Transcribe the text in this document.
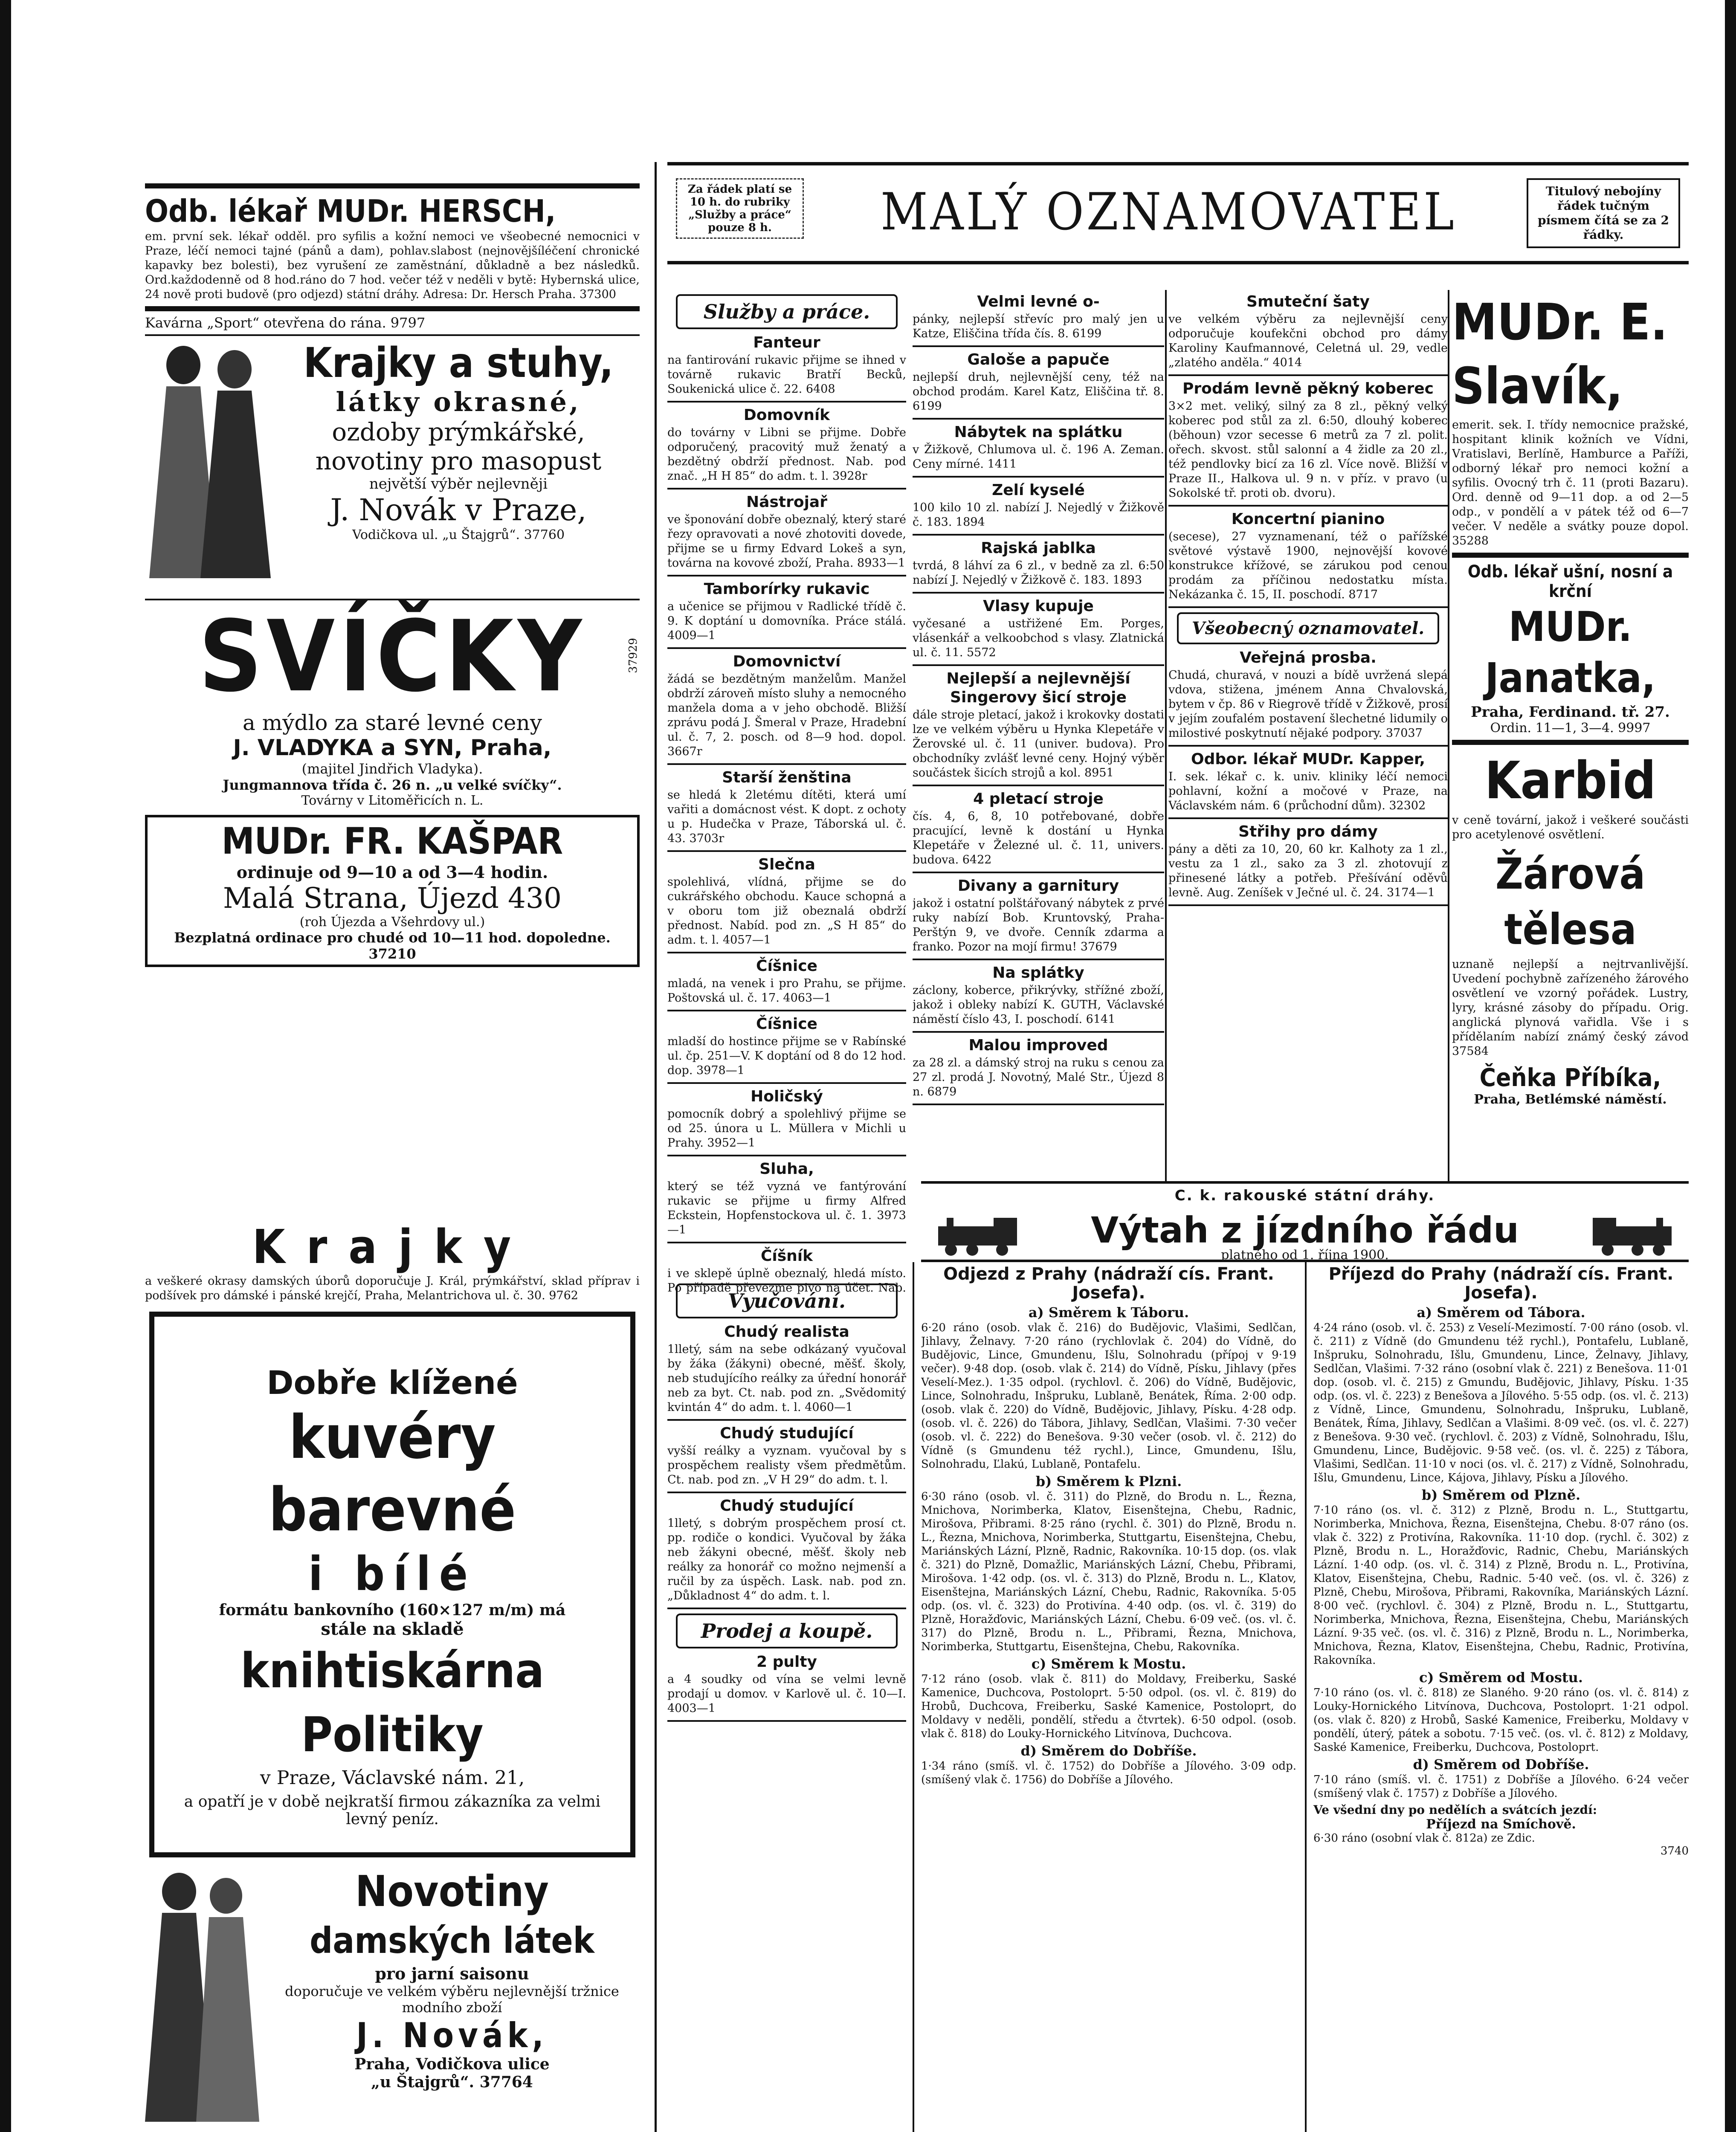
Za řádek platí se 10 h. do rubriky „Služby a práce“ pouze 8 h.	MALÝ OZNAMOVATEL	Titulový nebojíny řádek tučným písmem čítá se za 2 řádky.
Odb. lékař MUDr. HERSCH,

em. první sek. lékař odděl. pro syfilis a kožní nemoci ve všeobecné nemocnici v Praze, léčí nemoci tajné (pánů a dam), pohlav.slabost (nejnovějšíléčení chronické kapavky bez bolesti), bez vyrušení ze zaměstnání, důkladně a bez následků. Ord.každodenně od 8 hod.ráno do 7 hod. večer též v neděli v bytě: Hybernská ulice, 24 nově proti budově (pro odjezd) státní dráhy. Adresa: Dr. Hersch Praha. 37300

Kavárna „Sport“ otevřena do rána. 9797

Krajky a stuhy,
látky okrasné,
ozdoby prýmkářské,
novotiny pro masopust
největší výběr nejlevněji
J. Novák v Praze,
Vodičkova ul. „u Štajgrů“. 37760
SVÍČKY	37929
a mýdlo za staré levné ceny
J. VLADYKA a SYN, Praha,
(majitel Jindřich Vladyka).
Jungmannova třída č. 26 n. „u velké svíčky“.
Továrny v Litoměřicích n. L.
MUDr. FR. KAŠPAR
ordinuje od 9—10 a od 3—4 hodin.
Malá Strana, Újezd 430
(roh Újezda a Všehrdovy ul.)
Bezplatná ordinace pro chudé od 10—11 hod. dopoledne. 37210
Krajky

a veškeré okrasy damských úborů doporučuje J. Král, prýmkářství, sklad příprav i podšívek pro dámské i pánské krejčí, Praha, Melantrichova ul. č. 30. 9762

Dobře klížené
kuvéry barevné
i bílé
formátu bankovního (160×127 m/m) má
stále na skladě
knihtiskárna Politiky
v Praze, Václavské nám. 21,
a opatří je v době nejkratší firmou zákazníka za velmi levný peníz.
Novotiny
damských látek
pro jarní saisonu
doporučuje ve velkém výběru nejlevnější tržnice modního zboží
J. Novák,
Praha, Vodičkova ulice
„u Štajgrů“. 37764
Služby a práce.
Fanteur

na fantirování rukavic přijme se ihned v továrně rukavic Bratří Becků, Soukenická ulice č. 22. 6408

Domovník

do továrny v Libni se přijme. Dobře odporučený, pracovitý muž ženatý a bezdětný obdrží přednost. Nab. pod znač. „H H 85“ do adm. t. l. 3928r

Nástrojař

ve šponování dobře obeznalý, který staré řezy opravovati a nové zhotoviti dovede, přijme se u firmy Edvard Lokeš a syn, továrna na kovové zboží, Praha. 8933—1

Tamborírky rukavic

a učenice se přijmou v Radlické třídě č. 9. K doptání u domovníka. Práce stálá. 4009—1

Domovnictví

žádá se bezdětným manželům. Manžel obdrží zároveň místo sluhy a nemocného manžela doma a v jeho obchodě. Bližší zprávu podá J. Šmeral v Praze, Hradební ul. č. 7, 2. posch. od 8—9 hod. dopol. 3667r

Starší ženština

se hledá k 2letému dítěti, která umí vařiti a domácnost vést. K dopt. z ochoty u p. Hudečka v Praze, Táborská ul. č. 43. 3703r

Slečna

spolehlivá, vlídná, přijme se do cukrářského obchodu. Kauce schopná a v oboru tom již obeznalá obdrží přednost. Nabíd. pod zn. „S H 85“ do adm. t. l. 4057—1

Číšnice

mladá, na venek i pro Prahu, se přijme. Poštovská ul. č. 17. 4063—1

Číšnice

mladší do hostince přijme se v Rabínské ul. čp. 251—V. K doptání od 8 do 12 hod. dop. 3978—1

Holičský

pomocník dobrý a spolehlivý přijme se od 25. února u L. Müllera v Michli u Prahy. 3952—1

Sluha,

který se též vyzná ve fantýrování rukavic se přijme u firmy Alfred Eckstein, Hopfenstockova ul. č. 1. 3973—1

Číšník

i ve sklepě úplně obeznalý, hledá místo. Po případě převezme pivo na účet. Nab.

Vyučování.
Chudý realista

1lletý, sám na sebe odkázaný vyučoval by žáka (žákyni) obecné, měšť. školy, neb studujícího reálky za úřední honorář neb za byt. Ct. nab. pod zn. „Svědomitý kvintán 4“ do adm. t. l. 4060—1

Chudý studující

vyšší reálky a vyznam. vyučoval by s prospěchem realisty všem předmětům. Ct. nab. pod zn. „V H 29“ do adm. t. l.

Chudý studující

1lletý, s dobrým prospěchem prosí ct. pp. rodiče o kondici. Vyučoval by žáka neb žákyni obecné, měšť. školy neb reálky za honorář co možno nejmenší a ručil by za úspěch. Lask. nab. pod zn. „Důkladnost 4“ do adm. t. l.

Prodej a koupě.
2 pulty

a 4 soudky od vína se velmi levně prodají u domov. v Karlově ul. č. 10—I. 4003—1

Velmi levné o-

pánky, nejlepší střevíc pro malý jen u Katze, Eliščina třída čís. 8. 6199

Galoše a papuče

nejlepší druh, nejlevnější ceny, též na obchod prodám. Karel Katz, Eliščina tř. 8. 6199

Nábytek na splátku

v Žižkově, Chlumova ul. č. 196 A. Zeman. Ceny mírné. 1411

Zelí kyselé

100 kilo 10 zl. nabízí J. Nejedlý v Žižkově č. 183. 1894

Rajská jablka

tvrdá, 8 láhví za 6 zl., v bedně za zl. 6:50 nabízí J. Nejedlý v Žižkově č. 183. 1893

Vlasy kupuje

vyčesané a ustřižené Em. Porges, vlásenkář a velkoobchod s vlasy. Zlatnická ul. č. 11. 5572

Nejlepší a nejlevnější Singerovy šicí stroje

dále stroje pletací, jakož i krokovky dostati lze ve velkém výběru u Hynka Klepetáře v Žerovské ul. č. 11 (univer. budova). Pro obchodníky zvlášť levné ceny. Hojný výběr součástek šicích strojů a kol. 8951

4 pletací stroje

čís. 4, 6, 8, 10 potřebované, dobře pracující, levně k dostání u Hynka Klepetáře v Železné ul. č. 11, univers. budova. 6422

Divany a garnitury

jakož i ostatní polštářovaný nábytek z prvé ruky nabízí Bob. Kruntovský, Praha-Perštýn 9, ve dvoře. Cenník zdarma a franko. Pozor na mojí firmu! 37679

Na splátky

záclony, koberce, přikrývky, střížné zboží, jakož i obleky nabízí K. GUTH, Václavské náměstí číslo 43, I. poschodí. 6141

Malou improved

za 28 zl. a dámský stroj na ruku s cenou za 27 zl. prodá J. Novotný, Malé Str., Újezd 8 n. 6879

Smuteční šaty

ve velkém výběru za nejlevnější ceny odporučuje koufekčni obchod pro dámy Karoliny Kaufmannové, Celetná ul. 29, vedle „zlatého anděla.“ 4014

Prodám levně pěkný koberec

3×2 met. veliký, silný za 8 zl., pěkný velký koberec pod stůl za zl. 6:50, dlouhý koberec (běhoun) vzor secesse 6 metrů za 7 zl. polit. ořech. skvost. stůl salonní a 4 židle za 20 zl., též pendlovky bicí za 16 zl. Více nově. Bližší v Praze II., Halkova ul. 9 n. v příz. v pravo (u Sokolské tř. proti ob. dvoru).

Koncertní pianino

(secese), 27 vyznamenaní, též o pařížské světové výstavě 1900, nejnovější kovové konstrukce křížové, se zárukou pod cenou prodám za příčinou nedostatku místa. Nekázanka č. 15, II. poschodí. 8717

Všeobecný oznamovatel.
Veřejná prosba.

Chudá, churavá, v nouzi a bídě uvržená slepá vdova, stižena, jménem Anna Chvalovská, bytem v čp. 86 v Riegrově třídě v Žižkově, prosí v jejím zoufalém postavení šlechetné lidumily o milostivé poskytnutí nějaké podpory. 37037

Odbor. lékař MUDr. Kapper,

I. sek. lékař c. k. univ. kliniky léčí nemoci pohlavní, kožní a močové v Praze, na Václavském nám. 6 (průchodní dům). 32302

Střihy pro dámy

pány a děti za 10, 20, 60 kr. Kalhoty za 1 zl., vestu za 1 zl., sako za 3 zl. zhotovují z přinesené látky a potřeb. Přešívání oděvů levně. Aug. Zeníšek v Ječné ul. č. 24. 3174—1

MUDr. E. Slavík,

emerit. sek. I. třídy nemocnice pražské, hospitant klinik kožních ve Vídni, Vratislavi, Berlíně, Hamburce a Paříži, odborný lékař pro nemoci kožní a syfilis. Ovocný trh č. 11 (proti Bazaru). Ord. denně od 9—11 dop. a od 2—5 odp., v pondělí a v pátek též od 6—7 večer. V neděle a svátky pouze dopol. 35288

Odb. lékař ušní, nosní a krční
MUDr. Janatka,
Praha, Ferdinand. tř. 27.
Ordin. 11—1, 3—4. 9997
Karbid

v ceně tovární, jakož i veškeré součásti pro acetylenové osvětlení.

Žárová tělesa

uznaně nejlepší a nejtrvanlivější. Uvedení pochybně zařízeného žárového osvětlení ve vzorný pořádek. Lustry, lyry, krásné zásoby do případu. Orig. anglická plynová vařidla. Vše i s přídělaním nabízí známý český závod 37584

Čeňka Příbíka,
Praha, Betlémské náměstí.
C. k. rakouské státní dráhy.
Výtah z jízdního řádu
platného od 1. října 1900.
Odjezd z Prahy (nádraží cís. Frant. Josefa).
a) Směrem k Táboru.
6·20 ráno (osob. vlak č. 216) do Budějovic, Vlašimi, Sedlčan, Jihlavy, Želnavy. 7·20 ráno (rychlovlak č. 204) do Vídně, do Budějovic, Lince, Gmundenu, Išlu, Solnohradu (přípoj v 9·19 večer). 9·48 dop. (osob. vlak č. 214) do Vídně, Písku, Jihlavy (přes Veselí-Mez.). 1·35 odpol. (rychlovl. č. 206) do Vídně, Budějovic, Lince, Solnohradu, Inšpruku, Lublaně, Benátek, Říma. 2·00 odp. (osob. vlak č. 220) do Vídně, Budějovic, Jihlavy, Písku. 4·28 odp. (osob. vl. č. 226) do Tábora, Jihlavy, Sedlčan, Vlašimi. 7·30 večer (osob. vl. č. 222) do Benešova. 9·30 večer (osob. vl. č. 212) do Vídně (s Gmundenu též rychl.), Lince, Gmundenu, Išlu, Solnohradu, Ľlakú, Lublaně, Pontafelu.
b) Směrem k Plzni.
6·30 ráno (osob. vl. č. 311) do Plzně, do Brodu n. L., Řezna, Mnichova, Norimberka, Klatov, Eisenštejna, Chebu, Radnic, Mirošova, Přibrami. 8·25 ráno (rychl. č. 301) do Plzně, Brodu n. L., Řezna, Mnichova, Norimberka, Stuttgartu, Eisenštejna, Chebu, Mariánských Lázní, Plzně, Radnic, Rakovníka. 10·15 dop. (os. vlak č. 321) do Plzně, Domažlic, Mariánských Lázní, Chebu, Přibrami, Mirošova. 1·42 odp. (os. vl. č. 313) do Plzně, Brodu n. L., Klatov, Eisenštejna, Mariánských Lázní, Chebu, Radnic, Rakovníka. 5·05 odp. (os. vl. č. 323) do Protivína. 4·40 odp. (os. vl. č. 319) do Plzně, Horažďovic, Mariánských Lázní, Chebu. 6·09 več. (os. vl. č. 317) do Plzně, Brodu n. L., Přibrami, Řezna, Mnichova, Norimberka, Stuttgartu, Eisenštejna, Chebu, Rakovníka.
c) Směrem k Mostu.
7·12 ráno (osob. vlak č. 811) do Moldavy, Freiberku, Saské Kamenice, Duchcova, Postoloprt. 5·50 odpol. (os. vl. č. 819) do Hrobů, Duchcova, Freiberku, Saské Kamenice, Postoloprt, do Moldavy v neděli, pondělí, středu a čtvrtek). 6·50 odpol. (osob. vlak č. 818) do Louky-Hornického Litvínova, Duchcova.
d) Směrem do Dobříše.
1·34 ráno (smíš. vl. č. 1752) do Dobříše a Jílového. 3·09 odp. (smíšený vlak č. 1756) do Dobříše a Jílového.
Příjezd do Prahy (nádraží cís. Frant. Josefa).
a) Směrem od Tábora.
4·24 ráno (osob. vl. č. 253) z Veselí-Mezimostí. 7·00 ráno (osob. vl. č. 211) z Vídně (do Gmundenu též rychl.), Pontafelu, Lublaně, Inšpruku, Solnohradu, Išlu, Gmundenu, Lince, Želnavy, Jihlavy, Sedlčan, Vlašimi. 7·32 ráno (osobní vlak č. 221) z Benešova. 11·01 dop. (osob. vl. č. 215) z Gmundu, Budějovic, Jihlavy, Písku. 1·35 odp. (os. vl. č. 223) z Benešova a Jílového. 5·55 odp. (os. vl. č. 213) z Vídně, Lince, Gmundenu, Solnohradu, Inšpruku, Lublaně, Benátek, Říma, Jihlavy, Sedlčan a Vlašimi. 8·09 več. (os. vl. č. 227) z Benešova. 9·30 več. (rychlovl. č. 203) z Vídně, Solnohradu, Išlu, Gmundenu, Lince, Budějovic. 9·58 več. (os. vl. č. 225) z Tábora, Vlašimi, Sedlčan. 11·10 v noci (os. vl. č. 217) z Vídně, Solnohradu, Išlu, Gmundenu, Lince, Kájova, Jihlavy, Písku a Jílového.
b) Směrem od Plzně.
7·10 ráno (os. vl. č. 312) z Plzně, Brodu n. L., Stuttgartu, Norimberka, Mnichova, Řezna, Eisenštejna, Chebu. 8·07 ráno (os. vlak č. 322) z Protivína, Rakovníka. 11·10 dop. (rychl. č. 302) z Plzně, Brodu n. L., Horažďovic, Radnic, Chebu, Mariánských Lázní. 1·40 odp. (os. vl. č. 314) z Plzně, Brodu n. L., Protivína, Klatov, Eisenštejna, Chebu, Radnic. 5·40 več. (os. vl. č. 326) z Plzně, Chebu, Mirošova, Přibrami, Rakovníka, Mariánských Lázní. 8·00 več. (rychlovl. č. 304) z Plzně, Brodu n. L., Stuttgartu, Norimberka, Mnichova, Řezna, Eisenštejna, Chebu, Mariánských Lázní. 9·35 več. (os. vl. č. 316) z Plzně, Brodu n. L., Norimberka, Mnichova, Řezna, Klatov, Eisenštejna, Chebu, Radnic, Protivína, Rakovníka.
c) Směrem od Mostu.
7·10 ráno (os. vl. č. 818) ze Slaného. 9·20 ráno (os. vl. č. 814) z Louky-Hornického Litvínova, Duchcova, Postoloprt. 1·21 odpol. (os. vlak č. 820) z Hrobů, Saské Kamenice, Freiberku, Moldavy v pondělí, úterý, pátek a sobotu. 7·15 več. (os. vl. č. 812) z Moldavy, Saské Kamenice, Freiberku, Duchcova, Postoloprt.
d) Směrem od Dobříše.
7·10 ráno (smíš. vl. č. 1751) z Dobříše a Jílového. 6·24 večer (smíšený vlak č. 1757) z Dobříše a Jílového.
Ve všední dny po nedělích a svátcích jezdí:
Příjezd na Smíchově.
6·30 ráno (osobní vlak č. 812a) ze Zdic.
3740
